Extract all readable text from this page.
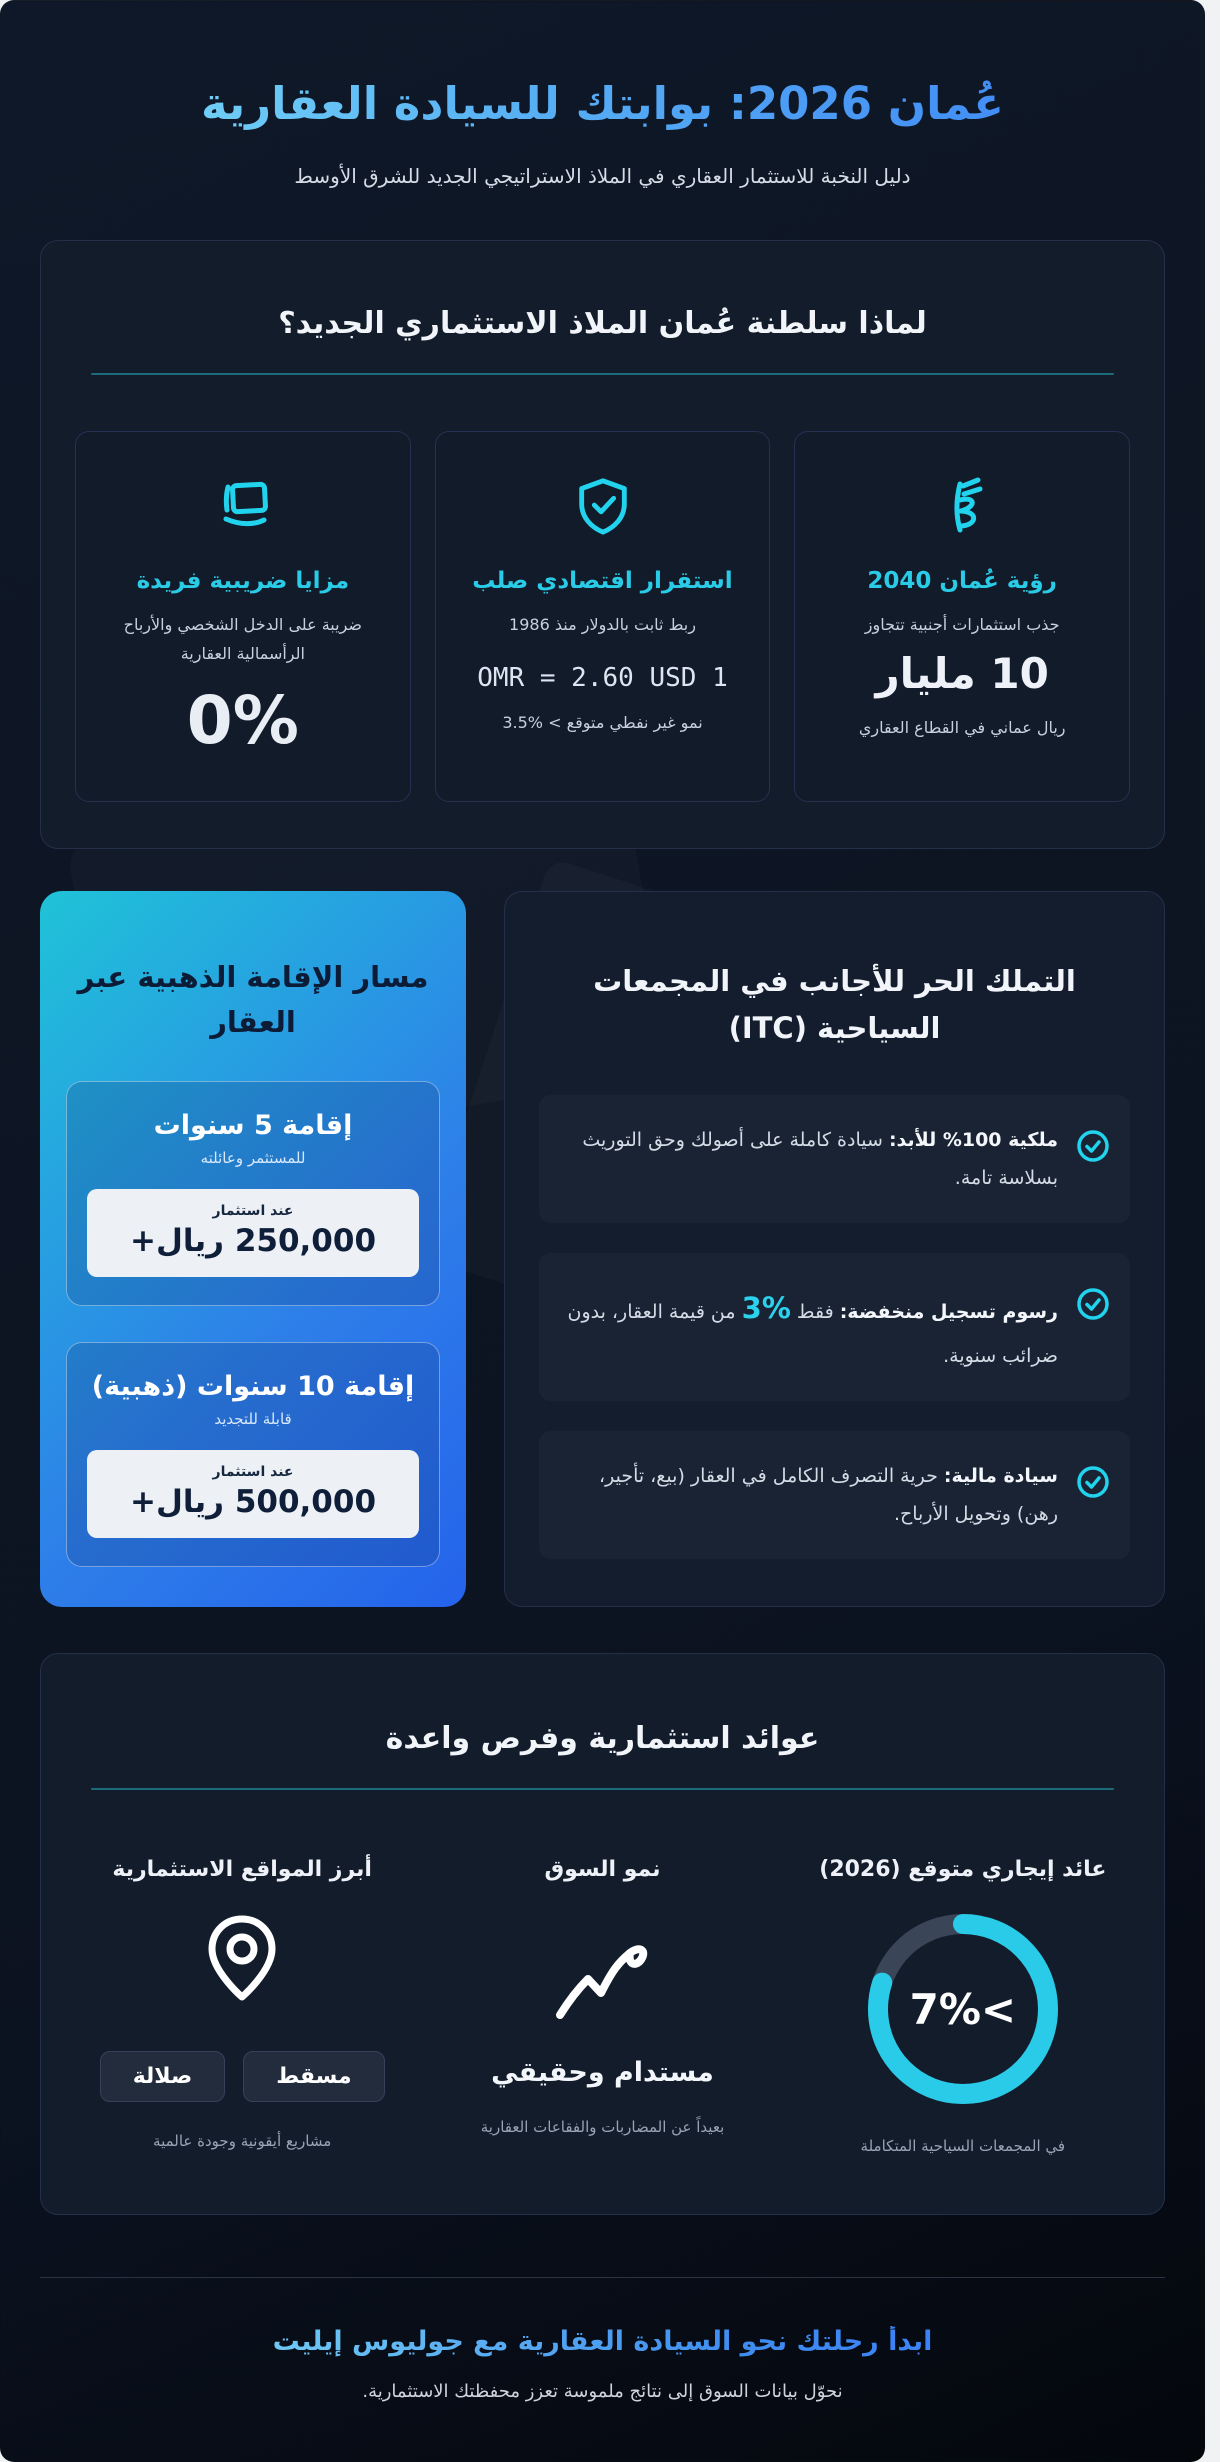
عُمان 2026: بوابتك للسيادة العقارية

دليل النخبة للاستثمار العقاري في الملاذ الاستراتيجي الجديد للشرق الأوسط

لماذا سلطنة عُمان الملاذ الاستثماري الجديد؟
رؤية عُمان 2040
جذب استثمارات أجنبية تتجاوز
10 مليار
ريال عماني في القطاع العقاري
استقرار اقتصادي صلب
ربط ثابت بالدولار منذ 1986
OMR = 2.60 USD 1
نمو غير نفطي متوقع > %3.5
مزايا ضريبية فريدة
ضريبة على الدخل الشخصي والأرباح الرأسمالية العقارية
0%
التملك الحر للأجانب في المجمعات السياحية (ITC)

ملكية 100% للأبد: سيادة كاملة على أصولك وحق التوريث بسلاسة تامة.

رسوم تسجيل منخفضة: فقط %3 من قيمة العقار، بدون ضرائب سنوية.

سيادة مالية: حرية التصرف الكامل في العقار (بيع، تأجير، رهن) وتحويل الأرباح.

مسار الإقامة الذهبية عبر العقار
إقامة 5 سنوات
للمستثمر وعائلته
عند استثمار
250,000 ريال+
إقامة 10 سنوات (ذهبية)
قابلة للتجديد
عند استثمار
500,000 ريال+
عوائد استثمارية وفرص واعدة
عائد إيجاري متوقع (2026)
7%<
في المجمعات السياحية المتكاملة
نمو السوق
مستدام وحقيقي
بعيداً عن المضاربات والفقاعات العقارية
أبرز المواقع الاستثمارية
مسقط
صلالة
مشاريع أيقونية وجودة عالمية
ابدأ رحلتك نحو السيادة العقارية مع جوليوس إيليت
نحوّل بيانات السوق إلى نتائج ملموسة تعزز محفظتك الاستثمارية.
